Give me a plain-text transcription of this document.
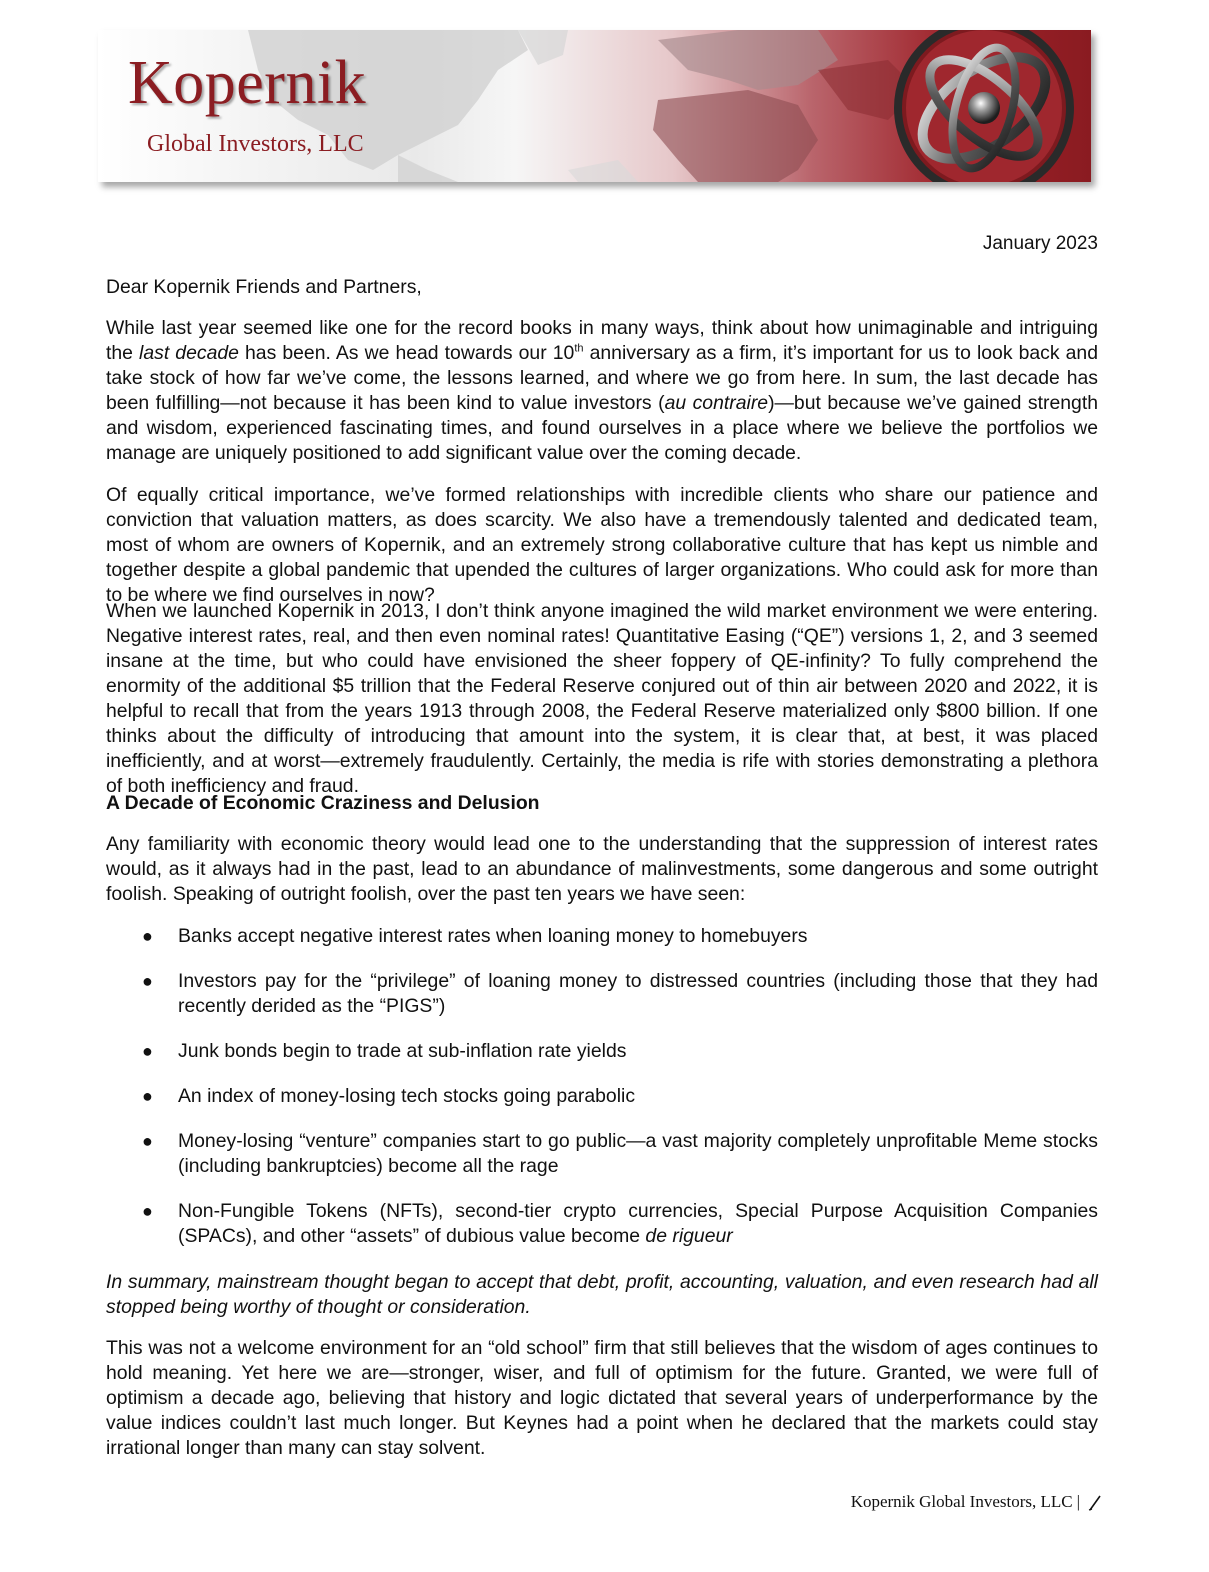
Kopernik
Global Investors, LLC
January 2023
Dear Kopernik Friends and Partners,

While last year seemed like one for the record books in many ways, think about how unimaginable and intriguing the last decade has been. As we head towards our 10th anniversary as a firm, it’s important for us to look back and take stock of how far we’ve come, the lessons learned, and where we go from here. In sum, the last decade has been fulfilling—not because it has been kind to value investors (au contraire)—but because we’ve gained strength and wisdom, experienced fascinating times, and found ourselves in a place where we believe the portfolios we manage are uniquely positioned to add significant value over the coming decade.

Of equally critical importance, we’ve formed relationships with incredible clients who share our patience and conviction that valuation matters, as does scarcity. We also have a tremendously talented and dedicated team, most of whom are owners of Kopernik, and an extremely strong collaborative culture that has kept us nimble and together despite a global pandemic that upended the cultures of larger organizations. Who could ask for more than to be where we find ourselves in now?
When we launched Kopernik in 2013, I don’t think anyone imagined the wild market environment we were entering. Negative interest rates, real, and then even nominal rates! Quantitative Easing (“QE”) versions 1, 2, and 3 seemed insane at the time, but who could have envisioned the sheer foppery of QE-infinity? To fully comprehend the enormity of the additional $5 trillion that the Federal Reserve conjured out of thin air between 2020 and 2022, it is helpful to recall that from the years 1913 through 2008, the Federal Reserve materialized only $800 billion. If one thinks about the difficulty of introducing that amount into the system, it is clear that, at best, it was placed inefficiently, and at worst—extremely fraudulently. Certainly, the media is rife with stories demonstrating a plethora of both inefficiency and fraud.
A Decade of Economic Craziness and Delusion
Any familiarity with economic theory would lead one to the understanding that the suppression of interest rates would, as it always had in the past, lead to an abundance of malinvestments, some dangerous and some outright foolish. Speaking of outright foolish, over the past ten years we have seen:
● Banks accept negative interest rates when loaning money to homebuyers
● Investors pay for the “privilege” of loaning money to distressed countries (including those that they had recently derided as the “PIGS”)
● Junk bonds begin to trade at sub-inflation rate yields
● An index of money-losing tech stocks going parabolic
● Money-losing “venture” companies start to go public—a vast majority completely unprofitable Meme stocks (including bankruptcies) become all the rage
● Non-Fungible Tokens (NFTs), second-tier crypto currencies, Special Purpose Acquisition Companies (SPACs), and other “assets” of dubious value become de rigueur
In summary, mainstream thought began to accept that debt, profit, accounting, valuation, and even research had all stopped being worthy of thought or consideration.
This was not a welcome environment for an “old school” firm that still believes that the wisdom of ages continues to hold meaning. Yet here we are—stronger, wiser, and full of optimism for the future. Granted, we were full of optimism a decade ago, believing that history and logic dictated that several years of underperformance by the value indices couldn’t last much longer. But Keynes had a point when he declared that the markets could stay irrational longer than many can stay solvent.
Kopernik Global Investors, LLC |
